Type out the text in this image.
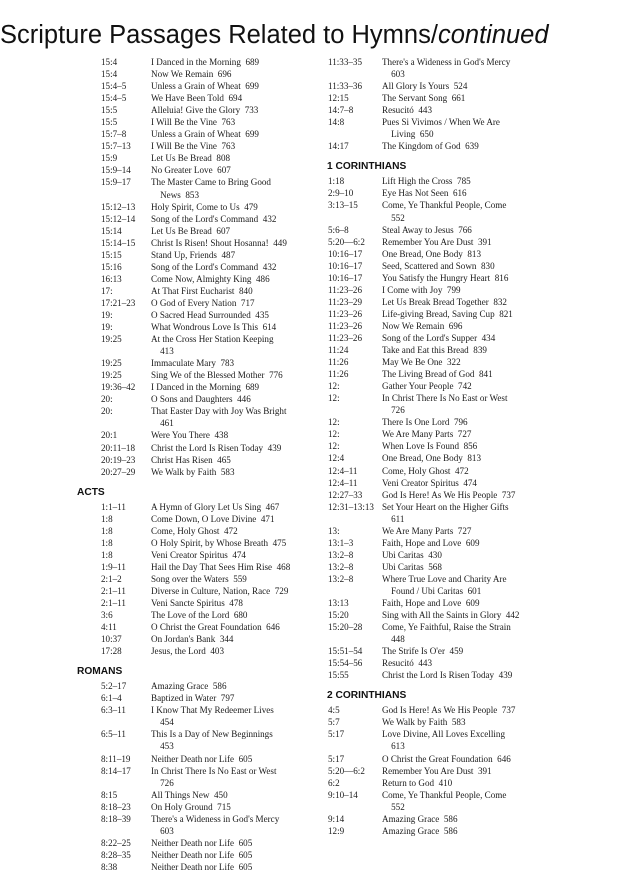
Scripture Passages Related to Hymns/continued
15:4	I Danced in the Morning  689
15:4	Now We Remain  696
15:4–5	Unless a Grain of Wheat  699
15:4–5	We Have Been Told  694
15:5	Alleluia! Give the Glory  733
15:5	I Will Be the Vine  763
15:7–8	Unless a Grain of Wheat  699
15:7–13	I Will Be the Vine  763
15:9	Let Us Be Bread  808
15:9–14	No Greater Love  607
15:9–17	The Master Came to Bring Good
News  853
15:12–13	Holy Spirit, Come to Us  479
15:12–14	Song of the Lord's Command  432
15:14	Let Us Be Bread  607
15:14–15	Christ Is Risen! Shout Hosanna!  449
15:15	Stand Up, Friends  487
15:16	Song of the Lord's Command  432
16:13	Come Now, Almighty King  486
17:	At That First Eucharist  840
17:21–23	O God of Every Nation  717
19:	O Sacred Head Surrounded  435
19:	What Wondrous Love Is This  614
19:25	At the Cross Her Station Keeping
413
19:25	Immaculate Mary  783
19:25	Sing We of the Blessed Mother  776
19:36–42	I Danced in the Morning  689
20:	O Sons and Daughters  446
20:	That Easter Day with Joy Was Bright
461
20:1	Were You There  438
20:11–18	Christ the Lord Is Risen Today  439
20:19–23	Christ Has Risen  465
20:27–29	We Walk by Faith  583
ACTS
1:1–11	A Hymn of Glory Let Us Sing  467
1:8	Come Down, O Love Divine  471
1:8	Come, Holy Ghost  472
1:8	O Holy Spirit, by Whose Breath  475
1:8	Veni Creator Spiritus  474
1:9–11	Hail the Day That Sees Him Rise  468
2:1–2	Song over the Waters  559
2:1–11	Diverse in Culture, Nation, Race  729
2:1–11	Veni Sancte Spiritus  478
3:6	The Love of the Lord  680
4:11	O Christ the Great Foundation  646
10:37	On Jordan's Bank  344
17:28	Jesus, the Lord  403
ROMANS
5:2–17	Amazing Grace  586
6:1–4	Baptized in Water  797
6:3–11	I Know That My Redeemer Lives
454
6:5–11	This Is a Day of New Beginnings
453
8:11–19	Neither Death nor Life  605
8:14–17	In Christ There Is No East or West
726
8:15	All Things New  450
8:18–23	On Holy Ground  715
8:18–39	There's a Wideness in God's Mercy
603
8:22–25	Neither Death nor Life  605
8:28–35	Neither Death nor Life  605
8:38	Neither Death nor Life  605
11:33–35	There's a Wideness in God's Mercy
603
11:33–36	All Glory Is Yours  524
12:15	The Servant Song  661
14:7–8	Resucitó  443
14:8	Pues Si Vivimos / When We Are
Living  650
14:17	The Kingdom of God  639
1 CORINTHIANS
1:18	Lift High the Cross  785
2:9–10	Eye Has Not Seen  616
3:13–15	Come, Ye Thankful People, Come
552
5:6–8	Steal Away to Jesus  766
5:20—6:2	Remember You Are Dust  391
10:16–17	One Bread, One Body  813
10:16–17	Seed, Scattered and Sown  830
10:16–17	You Satisfy the Hungry Heart  816
11:23–26	I Come with Joy  799
11:23–29	Let Us Break Bread Together  832
11:23–26	Life-giving Bread, Saving Cup  821
11:23–26	Now We Remain  696
11:23–26	Song of the Lord's Supper  434
11:24	Take and Eat this Bread  839
11:26	May We Be One  322
11:26	The Living Bread of God  841
12:	Gather Your People  742
12:	In Christ There Is No East or West
726
12:	There Is One Lord  796
12:	We Are Many Parts  727
12:	When Love Is Found  856
12:4	One Bread, One Body  813
12:4–11	Come, Holy Ghost  472
12:4–11	Veni Creator Spiritus  474
12:27–33	God Is Here! As We His People  737
12:31–13:13 Set Your Heart on the Higher Gifts
611
13:	We Are Many Parts  727
13:1–3	Faith, Hope and Love  609
13:2–8	Ubi Caritas  430
13:2–8	Ubi Caritas  568
13:2–8	Where True Love and Charity Are
Found / Ubi Caritas  601
13:13	Faith, Hope and Love  609
15:20	Sing with All the Saints in Glory  442
15:20–28	Come, Ye Faithful, Raise the Strain
448
15:51–54	The Strife Is O'er  459
15:54–56	Resucitó  443
15:55	Christ the Lord Is Risen Today  439
2 CORINTHIANS
4:5	God Is Here! As We His People  737
5:7	We Walk by Faith  583
5:17	Love Divine, All Loves Excelling
613
5:17	O Christ the Great Foundation  646
5:20—6:2	Remember You Are Dust  391
6:2	Return to God  410
9:10–14	Come, Ye Thankful People, Come
552
9:14	Amazing Grace  586
12:9	Amazing Grace  586
